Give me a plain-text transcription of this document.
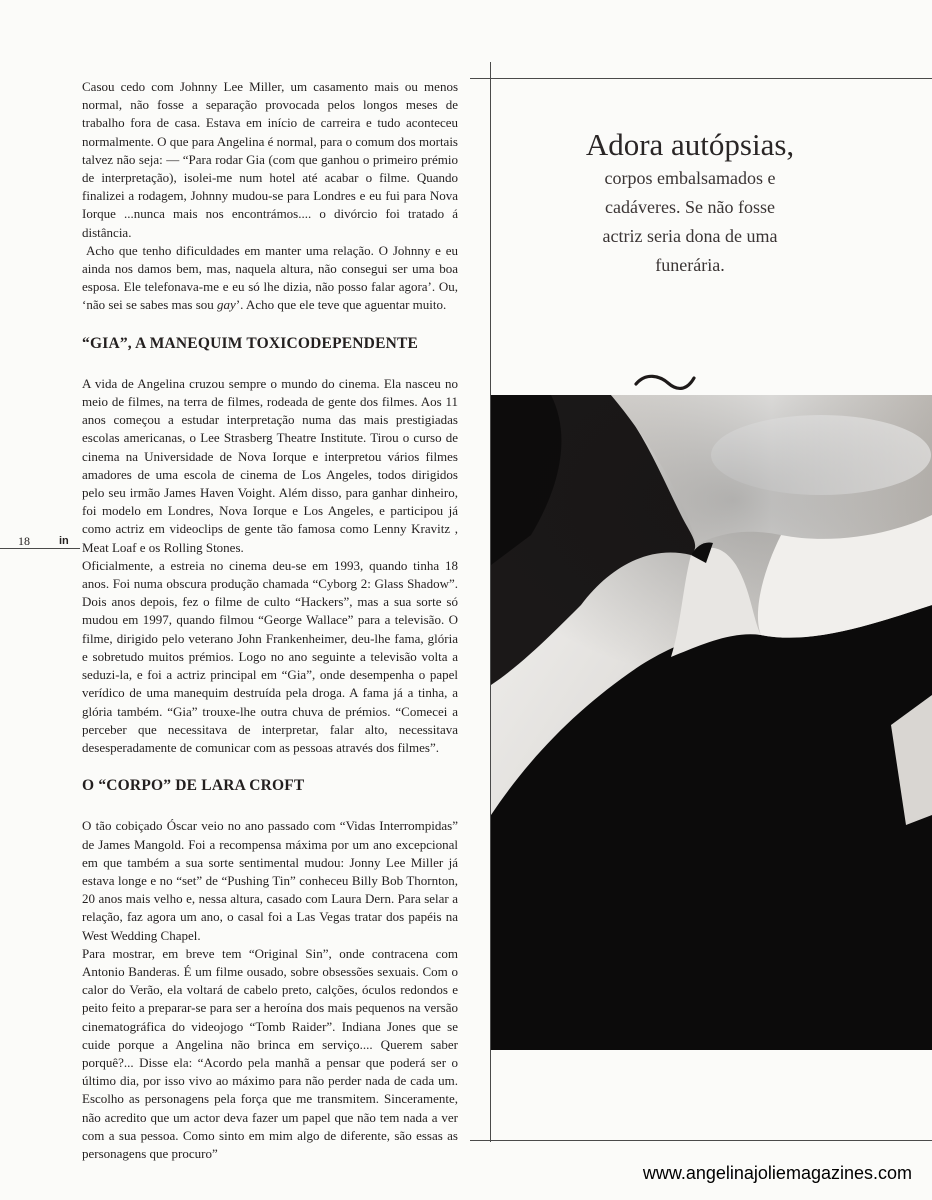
Casou cedo com Johnny Lee Miller, um casamento mais ou menos normal, não fosse a separação provocada pelos longos meses de trabalho fora de casa. Estava em início de carreira e tudo aconteceu normalmente. O que para Angelina é normal, para o comum dos mortais talvez não seja: — “Para rodar Gia (com que ganhou o primeiro prémio de interpretação), isolei-me num hotel até acabar o filme. Quando finalizei a rodagem, Johnny mudou-se para Londres e eu fui para Nova Iorque ...nunca mais nos encontrámos.... o divórcio foi tratado á distância.

Acho que tenho dificuldades em manter uma relação. O Johnny e eu ainda nos damos bem, mas, naquela altura, não consegui ser uma boa esposa. Ele telefonava-me e eu só lhe dizia, não posso falar agora’. Ou, ‘não sei se sabes mas sou gay’. Acho que ele teve que aguentar muito.

“GIA”, A MANEQUIM TOXICODEPENDENTE

A vida de Angelina cruzou sempre o mundo do cinema. Ela nasceu no meio de filmes, na terra de filmes, rodeada de gente dos filmes. Aos 11 anos começou a estudar interpretação numa das mais prestigiadas escolas americanas, o Lee Strasberg Theatre Institute. Tirou o curso de cinema na Universidade de Nova Iorque e interpretou vários filmes amadores de uma escola de cinema de Los Angeles, todos dirigidos pelo seu irmão James Haven Voight. Além disso, para ganhar dinheiro, foi modelo em Londres, Nova Iorque e Los Angeles, e participou já como actriz em videoclips de gente tão famosa como Lenny Kravitz , Meat Loaf e os Rolling Stones.

Oficialmente, a estreia no cinema deu-se em 1993, quando tinha 18 anos. Foi numa obscura produção chamada “Cyborg 2: Glass Shadow”. Dois anos depois, fez o filme de culto “Hackers”, mas a sua sorte só mudou em 1997, quando filmou “George Wallace” para a televisão. O filme, dirigido pelo veterano John Frankenheimer, deu-lhe fama, glória e sobretudo muitos prémios. Logo no ano seguinte a televisão volta a seduzi-la, e foi a actriz principal em “Gia”, onde desempenha o papel verídico de uma manequim destruída pela droga. A fama já a tinha, a glória também. “Gia” trouxe-lhe outra chuva de prémios. “Comecei a perceber que necessitava de interpretar, falar alto, necessitava desesperadamente de comunicar com as pessoas através dos filmes”.

O “CORPO” DE LARA CROFT

O tão cobiçado Óscar veio no ano passado com “Vidas Interrompidas” de James Mangold. Foi a recompensa máxima por um ano excepcional em que também a sua sorte sentimental mudou: Jonny Lee Miller já estava longe e no “set” de “Pushing Tin” conheceu Billy Bob Thornton, 20 anos mais velho e, nessa altura, casado com Laura Dern. Para selar a relação, faz agora um ano, o casal foi a Las Vegas tratar dos papéis na West Wedding Chapel.

Para mostrar, em breve tem “Original Sin”, onde contracena com Antonio Banderas. É um filme ousado, sobre obsessões sexuais. Com o calor do Verão, ela voltará de cabelo preto, calções, óculos redondos e peito feito a preparar-se para ser a heroína dos mais pequenos na versão cinematográfica do videojogo “Tomb Raider”. Indiana Jones que se cuide porque a Angelina não brinca em serviço.... Querem saber porquê?... Disse ela: “Acordo pela manhã a pensar que poderá ser o último dia, por isso vivo ao máximo para não perder nada de cada um. Escolho as personagens pela força que me transmitem. Sinceramente, não acredito que um actor deva fazer um papel que não tem nada a ver com a sua pessoa. Como sinto em mim algo de diferente, são essas as personagens que procuro”

18	in
Adora autópsias,
corpos embalsamados e
cadáveres. Se não fosse
actriz seria dona de uma
funerária.
www.angelinajoliemagazines.com
